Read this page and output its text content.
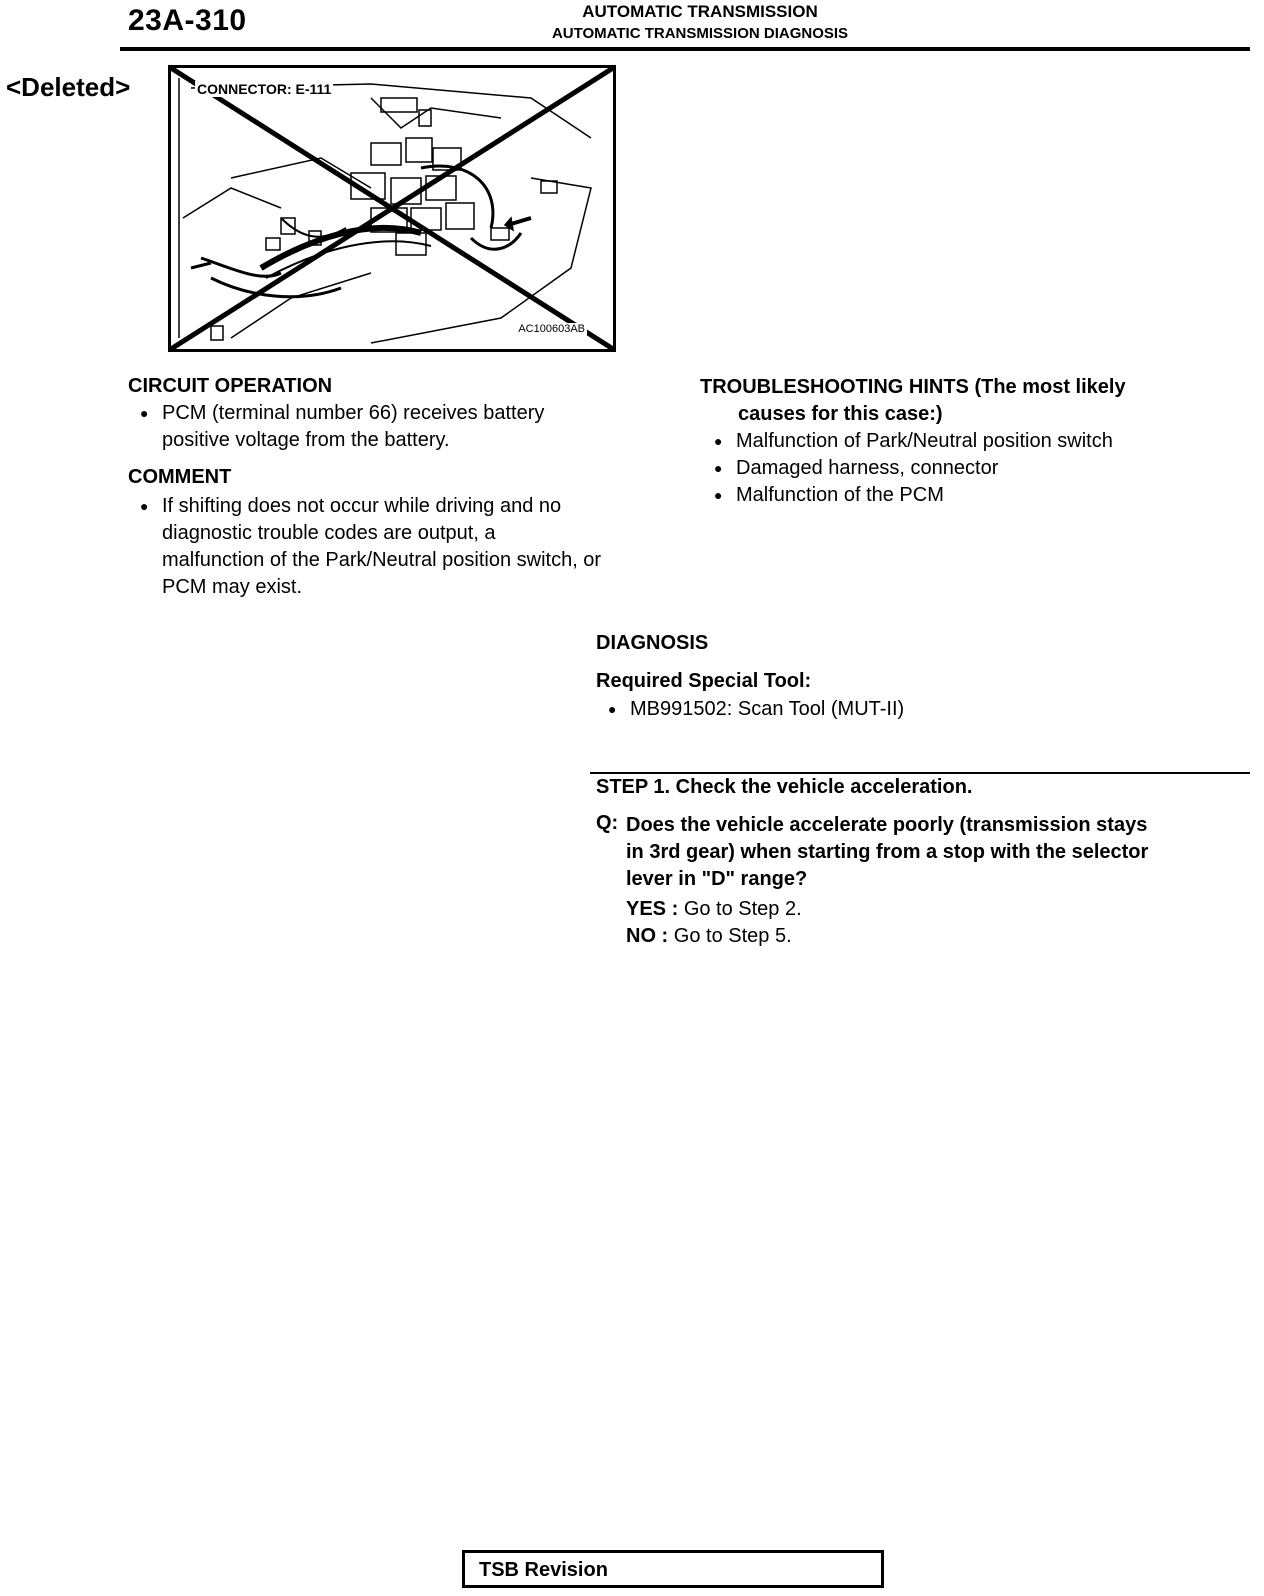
23A-310	AUTOMATIC TRANSMISSION
AUTOMATIC TRANSMISSION DIAGNOSIS
<Deleted>	CONNECTOR: E-111
AC100603AB
CIRCUIT OPERATION
● PCM (terminal number 66) receives battery
positive voltage from the battery.
COMMENT
● If shifting does not occur while driving and no
diagnostic trouble codes are output, a
malfunction of the Park/Neutral position switch, or
PCM may exist.
TROUBLESHOOTING HINTS (The most likely
causes for this case:)
● Malfunction of Park/Neutral position switch
● Damaged harness, connector
● Malfunction of the PCM
DIAGNOSIS
Required Special Tool:
● MB991502: Scan Tool (MUT-II)
STEP 1. Check the vehicle acceleration.
Q: Does the vehicle accelerate poorly (transmission stays
in 3rd gear) when starting from a stop with the selector
lever in "D" range?
YES : Go to Step 2.
NO : Go to Step 5.
TSB Revision
